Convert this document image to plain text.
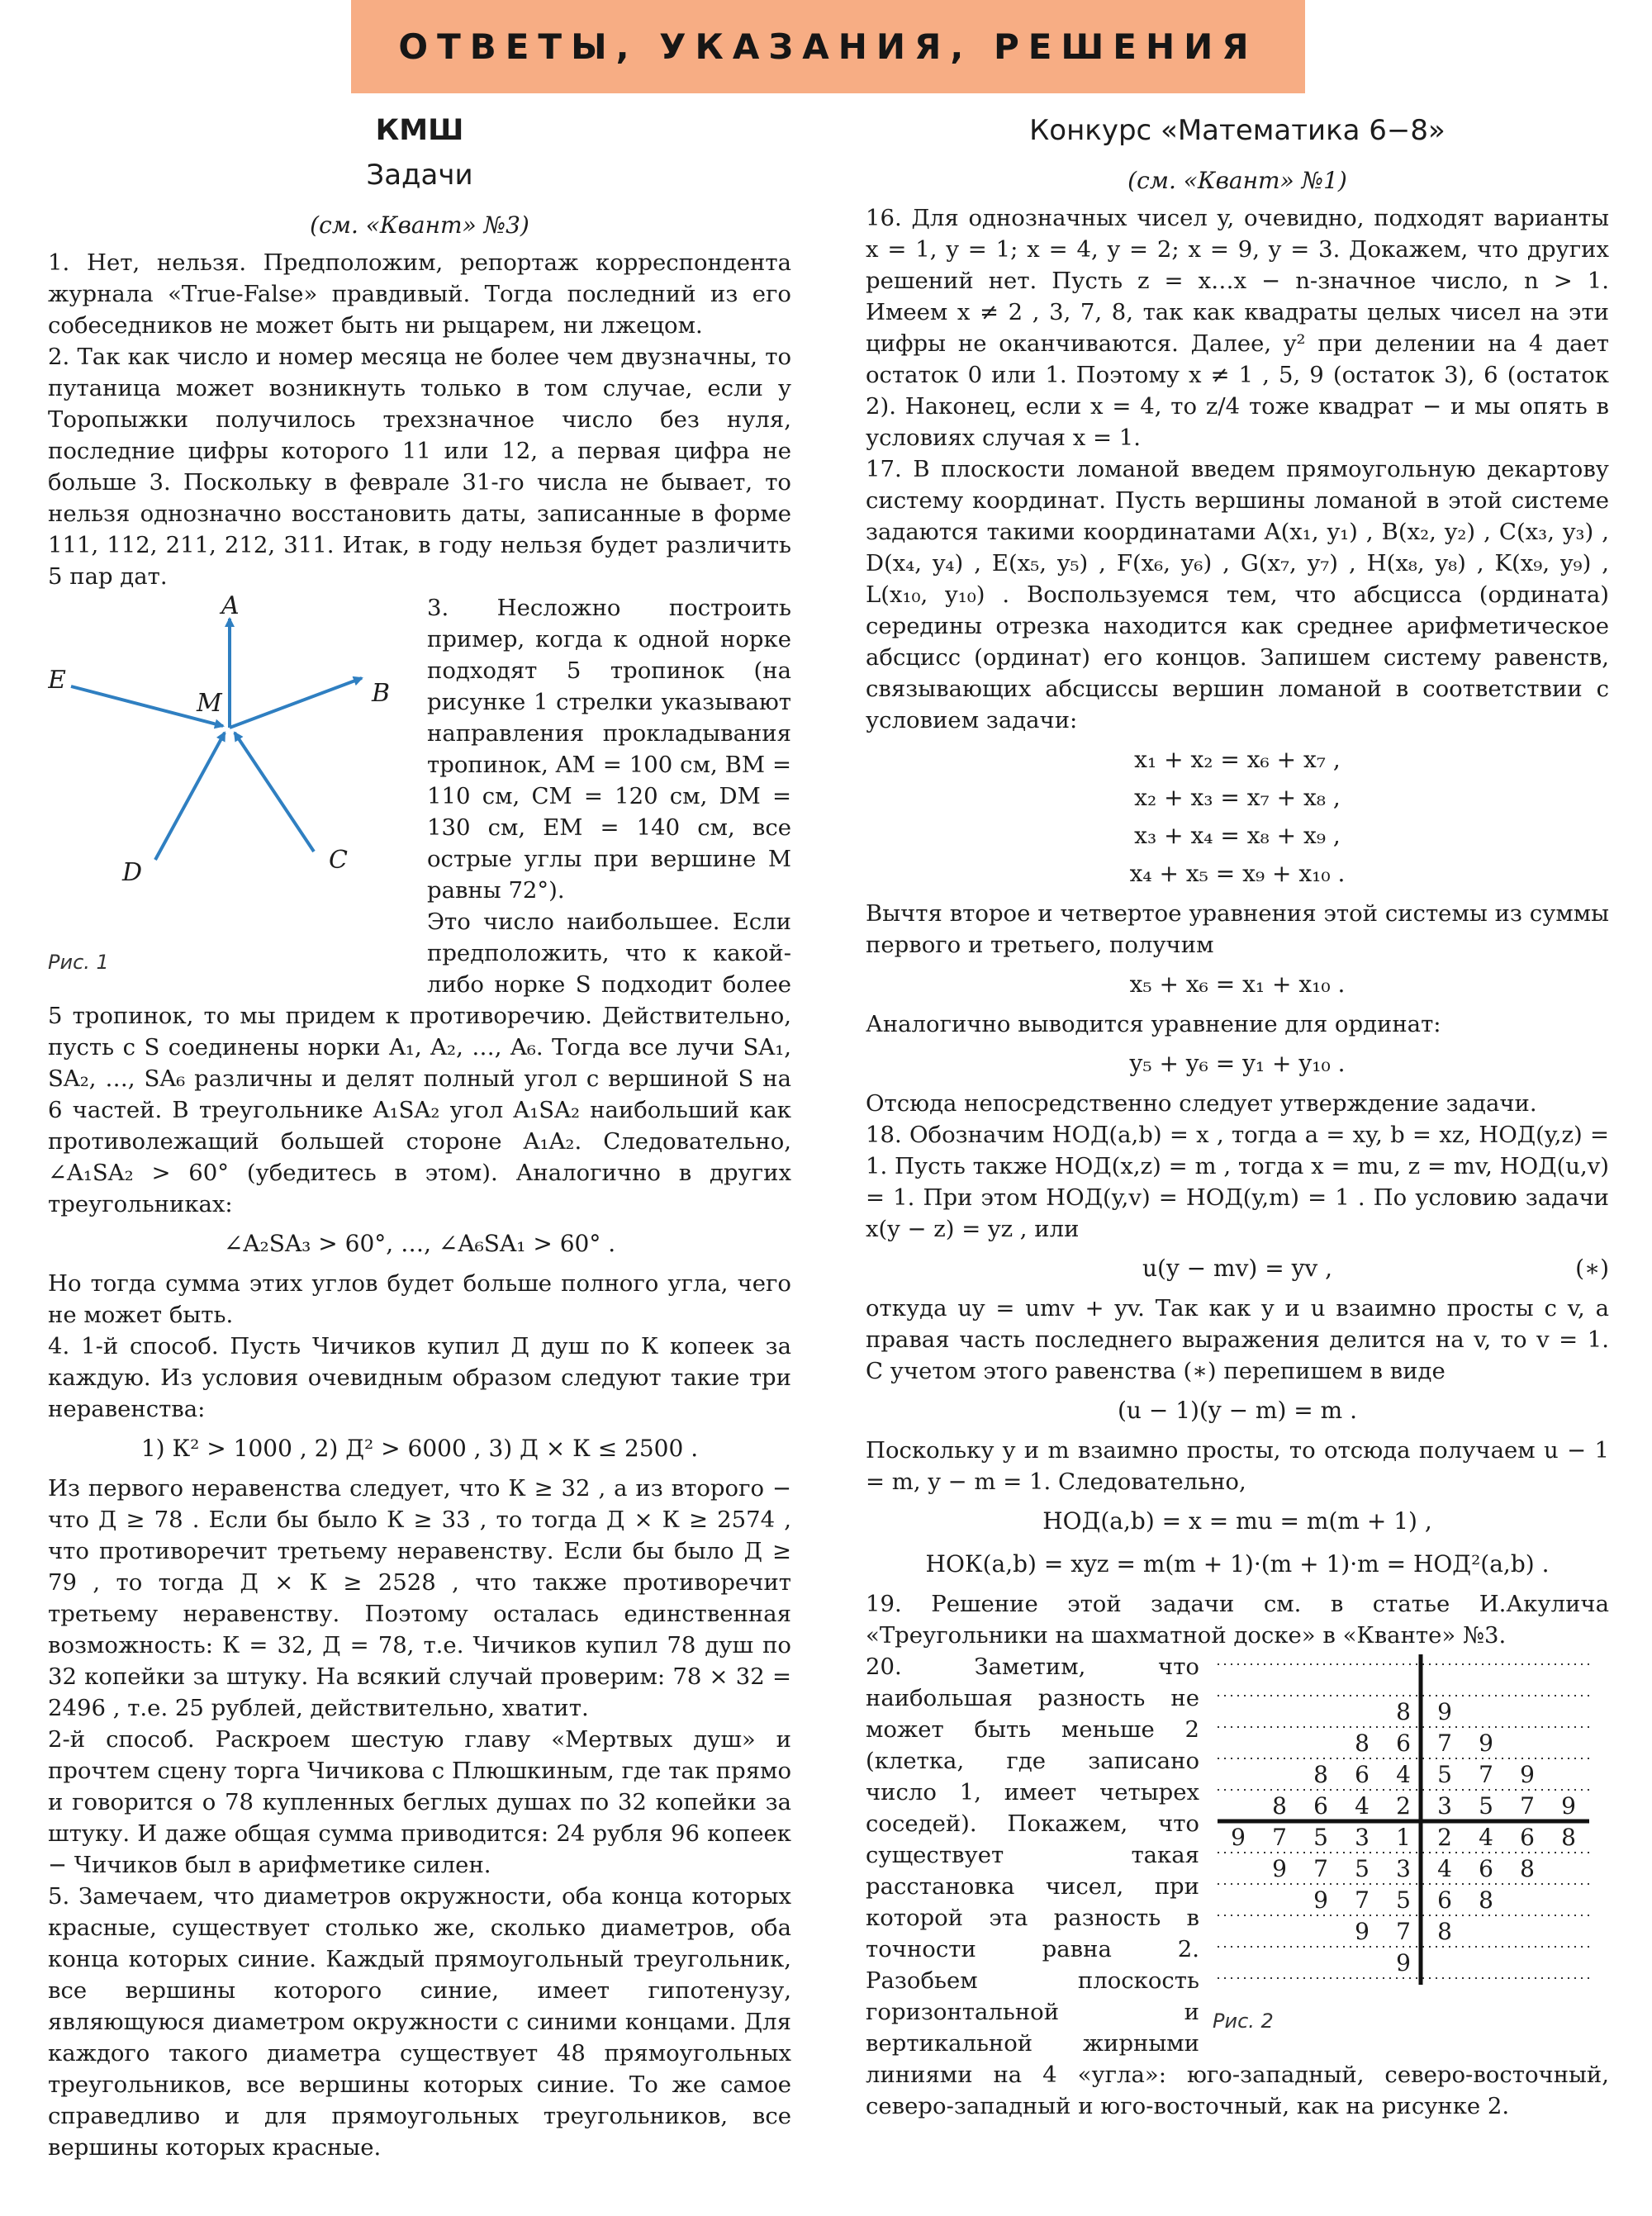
ОТВЕТЫ, УКАЗАНИЯ, РЕШЕНИЯ
КМШ
Задачи
(см. «Квант» №3)

1. Нет, нельзя. Предположим, репортаж корреспондента журнала «True-False» правдивый. Тогда последний из его собеседников не может быть ни рыцарем, ни лжецом.

2. Так как число и номер месяца не более чем двузначны, то путаница может возникнуть только в том случае, если у Торопыжки получилось трехзначное число без нуля, последние цифры которого 11 или 12, а первая цифра не больше 3. Поскольку в феврале 31-го числа не бывает, то нельзя однозначно восстановить даты, записанные в форме 111, 112, 211, 212, 311. Итак, в году нельзя будет различить 5 пар дат.

A
B
C
D
E
M
Рис. 1

3. Несложно построить пример, когда к одной норке подходят 5 тропинок (на рисунке 1 стрелки указывают направления прокладывания тропинок, AM = 100 см, BM = 110 см, CM = 120 см, DM = 130 см, EM = 140 см, все острые углы при вершине M равны 72°).

Это число наибольшее. Если предположить, что к какой-либо норке S подходит более 5 тропинок, то мы придем к противоречию. Действительно, пусть с S соединены норки A₁, A₂, …, A₆. Тогда все лучи SA₁, SA₂, …, SA₆ различны и делят полный угол с вершиной S на 6 частей. В треугольнике A₁SA₂ угол A₁SA₂ наибольший как противолежащий большей стороне A₁A₂. Следовательно, ∠A₁SA₂ > 60° (убедитесь в этом). Аналогично в других треугольниках:

∠A₂SA₃ > 60°, …, ∠A₆SA₁ > 60° .

Но тогда сумма этих углов будет больше полного угла, чего не может быть.

4. 1-й способ. Пусть Чичиков купил Д душ по К копеек за каждую. Из условия очевидным образом следуют такие три неравенства:

1) К² > 1000 , 2) Д² > 6000 , 3) Д × К ≤ 2500 .

Из первого неравенства следует, что К ≥ 32 , а из второго − что Д ≥ 78 . Если бы было К ≥ 33 , то тогда Д × К ≥ 2574 , что противоречит третьему неравенству. Если бы было Д ≥ 79 , то тогда Д × К ≥ 2528 , что также противоречит третьему неравенству. Поэтому осталась единственная возможность: К = 32, Д = 78, т.е. Чичиков купил 78 душ по 32 копейки за штуку. На всякий случай проверим: 78 × 32 = 2496 , т.е. 25 рублей, действительно, хватит.

2-й способ. Раскроем шестую главу «Мертвых душ» и прочтем сцену торга Чичикова с Плюшкиным, где так прямо и говорится о 78 купленных беглых душах по 32 копейки за штуку. И даже общая сумма приводится: 24 рубля 96 копеек − Чичиков был в арифметике силен.

5. Замечаем, что диаметров окружности, оба конца которых красные, существует столько же, сколько диаметров, оба конца которых синие. Каждый прямоугольный треугольник, все вершины которого синие, имеет гипотенузу, являющуюся диаметром окружности с синими концами. Для каждого такого диаметра существует 48 прямоугольных треугольников, все вершины которых синие. То же самое справедливо и для прямоугольных треугольников, все вершины которых красные.

Конкурс «Математика 6−8»
(см. «Квант» №1)

16. Для однозначных чисел y, очевидно, подходят варианты x = 1, y = 1; x = 4, y = 2; x = 9, y = 3. Докажем, что других решений нет. Пусть z = x…x − n-значное число, n > 1. Имеем x ≠ 2 , 3, 7, 8, так как квадраты целых чисел на эти цифры не оканчиваются. Далее, y² при делении на 4 дает остаток 0 или 1. Поэтому x ≠ 1 , 5, 9 (остаток 3), 6 (остаток 2). Наконец, если x = 4, то z/4 тоже квадрат − и мы опять в условиях случая x = 1.

17. В плоскости ломаной введем прямоугольную декартову систему координат. Пусть вершины ломаной в этой системе задаются такими координатами A(x₁, y₁) , B(x₂, y₂) , C(x₃, y₃) , D(x₄, y₄) , E(x₅, y₅) , F(x₆, y₆) , G(x₇, y₇) , H(x₈, y₈) , K(x₉, y₉) , L(x₁₀, y₁₀) . Воспользуемся тем, что абсцисса (ордината) середины отрезка находится как среднее арифметическое абсцисс (ординат) его концов. Запишем систему равенств, связывающих абсциссы вершин ломаной в соответствии с условием задачи:

x₁ + x₂ = x₆ + x₇ ,
x₂ + x₃ = x₇ + x₈ ,
x₃ + x₄ = x₈ + x₉ ,
x₄ + x₅ = x₉ + x₁₀ .

Вычтя второе и четвертое уравнения этой системы из суммы первого и третьего, получим

x₅ + x₆ = x₁ + x₁₀ .

Аналогично выводится уравнение для ординат:

y₅ + y₆ = y₁ + y₁₀ .

Отсюда непосредственно следует утверждение задачи.

18. Обозначим НОД(a,b) = x , тогда a = xy, b = xz, НОД(y,z) = 1. Пусть также НОД(x,z) = m , тогда x = mu, z = mv, НОД(u,v) = 1. При этом НОД(y,v) = НОД(y,m) = 1 . По условию задачи x(y − z) = yz , или

u(y − mv) = yv ,	(∗)

откуда uy = umv + yv. Так как y и u взаимно просты с v, а правая часть последнего выражения делится на v, то v = 1. С учетом этого равенства (∗) перепишем в виде

(u − 1)(y − m) = m .

Поскольку y и m взаимно просты, то отсюда получаем u − 1 = m, y − m = 1. Следовательно,

НОД(a,b) = x = mu = m(m + 1) ,
НОК(a,b) = xyz = m(m + 1)·(m + 1)·m = НОД²(a,b) .

19. Решение этой задачи см. в статье И.Акулича «Треугольники на шахматной доске» в «Кванте» №3.

8 9
8 6 7 9
8 6 4 5 7 9
8 6 4 2 3 5 7 9
9 7 5 3 1 2 4 6 8
9 7 5 3 4 6 8
9 7 5 6 8
9 7 8
9
Рис. 2

20. Заметим, что наибольшая разность не может быть меньше 2 (клетка, где записано число 1, имеет четырех соседей). Покажем, что существует такая расстановка чисел, при которой эта разность в точности равна 2. Разобьем плоскость горизонтальной и вертикальной жирными линиями на 4 «угла»: юго-западный, северо-восточный, северо-западный и юго-восточный, как на рисунке 2.
